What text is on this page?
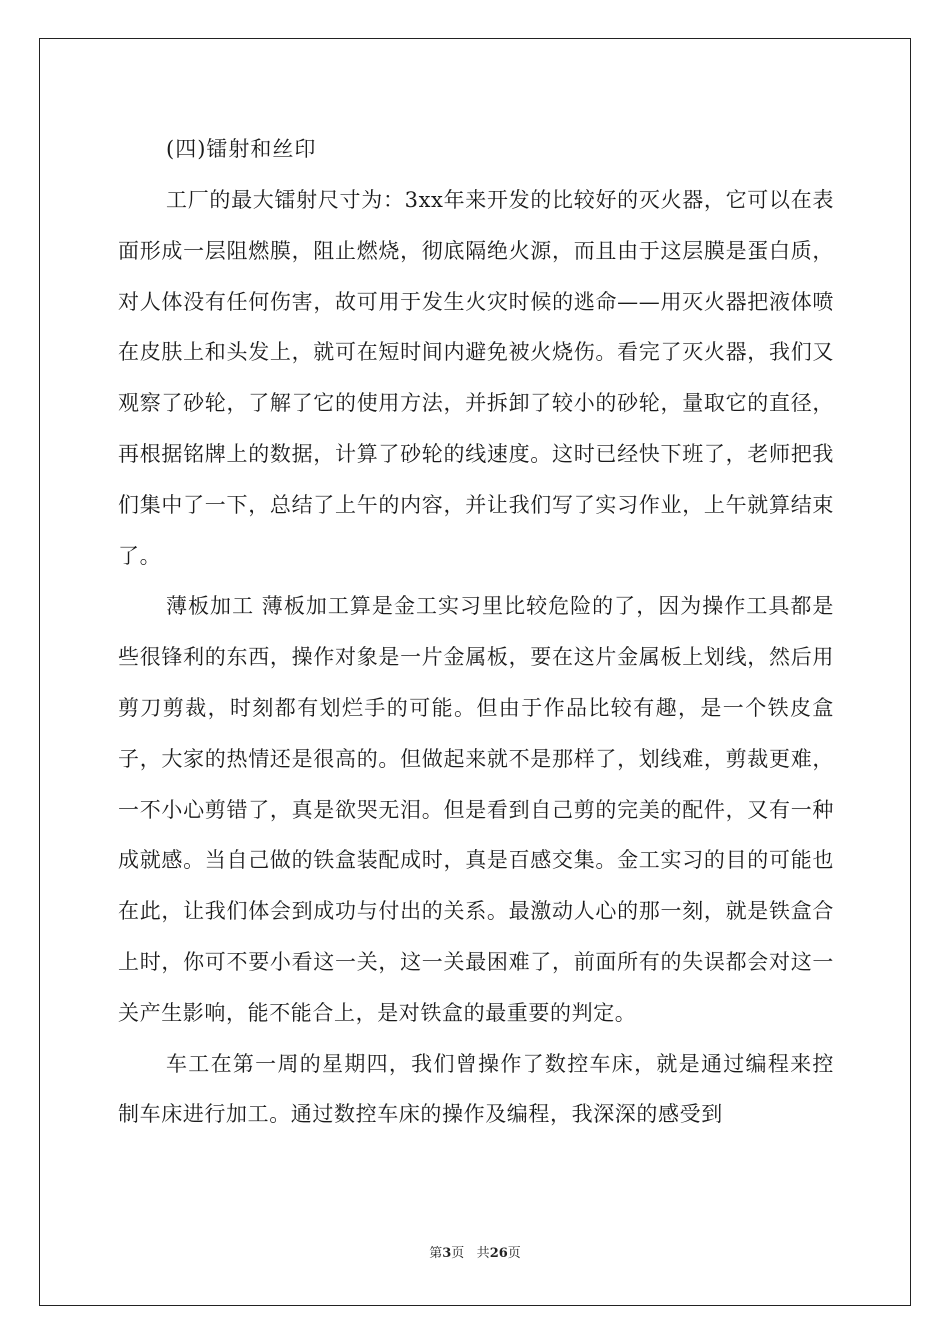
(四)镭射和丝印

工厂的最大镭射尺寸为：3xx年来开发的比较好的灭火器，它可以在表面形成一层阻燃膜，阻止燃烧，彻底隔绝火源，而且由于这层膜是蛋白质，对人体没有任何伤害，故可用于发生火灾时候的逃命——用灭火器把液体喷在皮肤上和头发上，就可在短时间内避免被火烧伤。看完了灭火器，我们又观察了砂轮，了解了它的使用方法，并拆卸了较小的砂轮，量取它的直径，再根据铭牌上的数据，计算了砂轮的线速度。这时已经快下班了，老师把我们集中了一下，总结了上午的内容，并让我们写了实习作业，上午就算结束了。

薄板加工 薄板加工算是金工实习里比较危险的了，因为操作工具都是些很锋利的东西，操作对象是一片金属板，要在这片金属板上划线，然后用剪刀剪裁，时刻都有划烂手的可能。但由于作品比较有趣，是一个铁皮盒子，大家的热情还是很高的。但做起来就不是那样了，划线难，剪裁更难，一不小心剪错了，真是欲哭无泪。但是看到自己剪的完美的配件，又有一种成就感。当自己做的铁盒装配成时，真是百感交集。金工实习的目的可能也在此，让我们体会到成功与付出的关系。最激动人心的那一刻，就是铁盒合上时，你可不要小看这一关，这一关最困难了，前面所有的失误都会对这一关产生影响，能不能合上，是对铁盒的最重要的判定。

车工在第一周的星期四，我们曾操作了数控车床，就是通过编程来控制车床进行加工。通过数控车床的操作及编程，我深深的感受到

第3页 共26页
